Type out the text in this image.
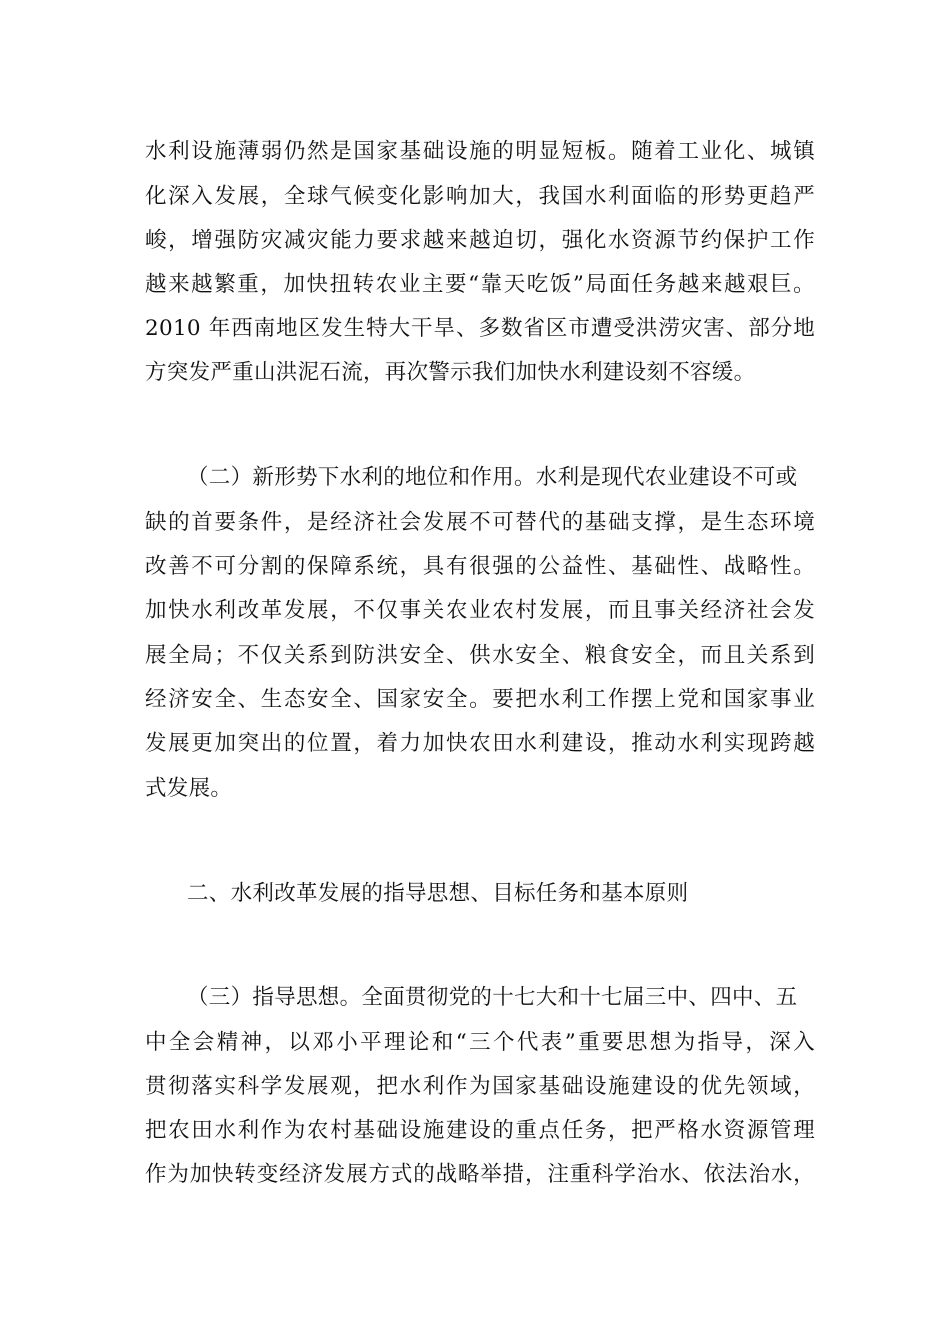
水利设施薄弱仍然是国家基础设施的明显短板。随着工业化、城镇
化深入发展，全球气候变化影响加大，我国水利面临的形势更趋严
峻，增强防灾减灾能力要求越来越迫切，强化水资源节约保护工作
越来越繁重，加快扭转农业主要“靠天吃饭”局面任务越来越艰巨。
2010 年西南地区发生特大干旱、多数省区市遭受洪涝灾害、部分地
方突发严重山洪泥石流，再次警示我们加快水利建设刻不容缓。
（二）新形势下水利的地位和作用。水利是现代农业建设不可或
缺的首要条件，是经济社会发展不可替代的基础支撑，是生态环境
改善不可分割的保障系统，具有很强的公益性、基础性、战略性。
加快水利改革发展，不仅事关农业农村发展，而且事关经济社会发
展全局；不仅关系到防洪安全、供水安全、粮食安全，而且关系到
经济安全、生态安全、国家安全。要把水利工作摆上党和国家事业
发展更加突出的位置，着力加快农田水利建设，推动水利实现跨越
式发展。
二、水利改革发展的指导思想、目标任务和基本原则
（三）指导思想。全面贯彻党的十七大和十七届三中、四中、五
中全会精神，以邓小平理论和“三个代表”重要思想为指导，深入
贯彻落实科学发展观，把水利作为国家基础设施建设的优先领域，
把农田水利作为农村基础设施建设的重点任务，把严格水资源管理
作为加快转变经济发展方式的战略举措，注重科学治水、依法治水，
